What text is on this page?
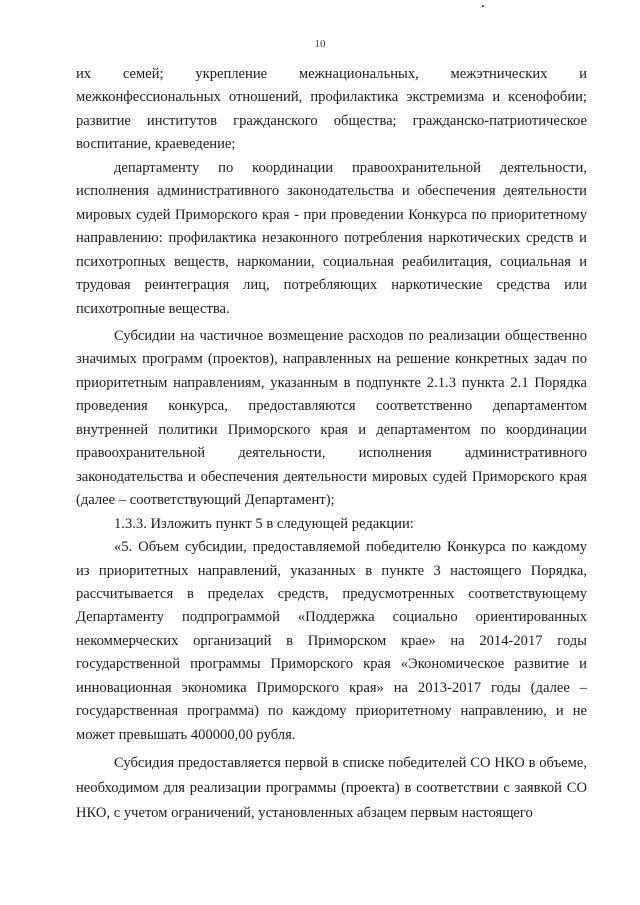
10

их семей; укрепление межнациональных, межэтнических и межконфессиональных отношений, профилактика экстремизма и ксенофобии; развитие институтов гражданского общества; гражданско-патриотическое воспитание, краеведение;

департаменту по координации правоохранительной деятельности, исполнения административного законодательства и обеспечения деятельности мировых судей Приморского края - при проведении Конкурса по приоритетному направлению: профилактика незаконного потребления наркотических средств и психотропных веществ, наркомании, социальная реабилитация, социальная и трудовая реинтеграция лиц, потребляющих наркотические средства или психотропные вещества.

Субсидии на частичное возмещение расходов по реализации общественно значимых программ (проектов), направленных на решение конкретных задач по приоритетным направлениям, указанным в подпункте 2.1.3 пункта 2.1 Порядка проведения конкурса, предоставляются соответственно департаментом внутренней политики Приморского края и департаментом по координации правоохранительной деятельности, исполнения административного законодательства и обеспечения деятельности мировых судей Приморского края (далее – соответствующий Департамент);

1.3.3. Изложить пункт 5 в следующей редакции:

«5. Объем субсидии, предоставляемой победителю Конкурса по каждому из приоритетных направлений, указанных в пункте 3 настоящего Порядка, рассчитывается в пределах средств, предусмотренных соответствующему Департаменту подпрограммой «Поддержка социально ориентированных некоммерческих организаций в Приморском крае» на 2014-2017 годы государственной программы Приморского края «Экономическое развитие и инновационная экономика Приморского края» на 2013-2017 годы (далее – государственная программа) по каждому приоритетному направлению, и не может превышать 400000,00 рубля.

Субсидия предоставляется первой в списке победителей СО НКО в объеме, необходимом для реализации программы (проекта) в соответствии с заявкой СО НКО, с учетом ограничений, установленных абзацем первым настоящего
